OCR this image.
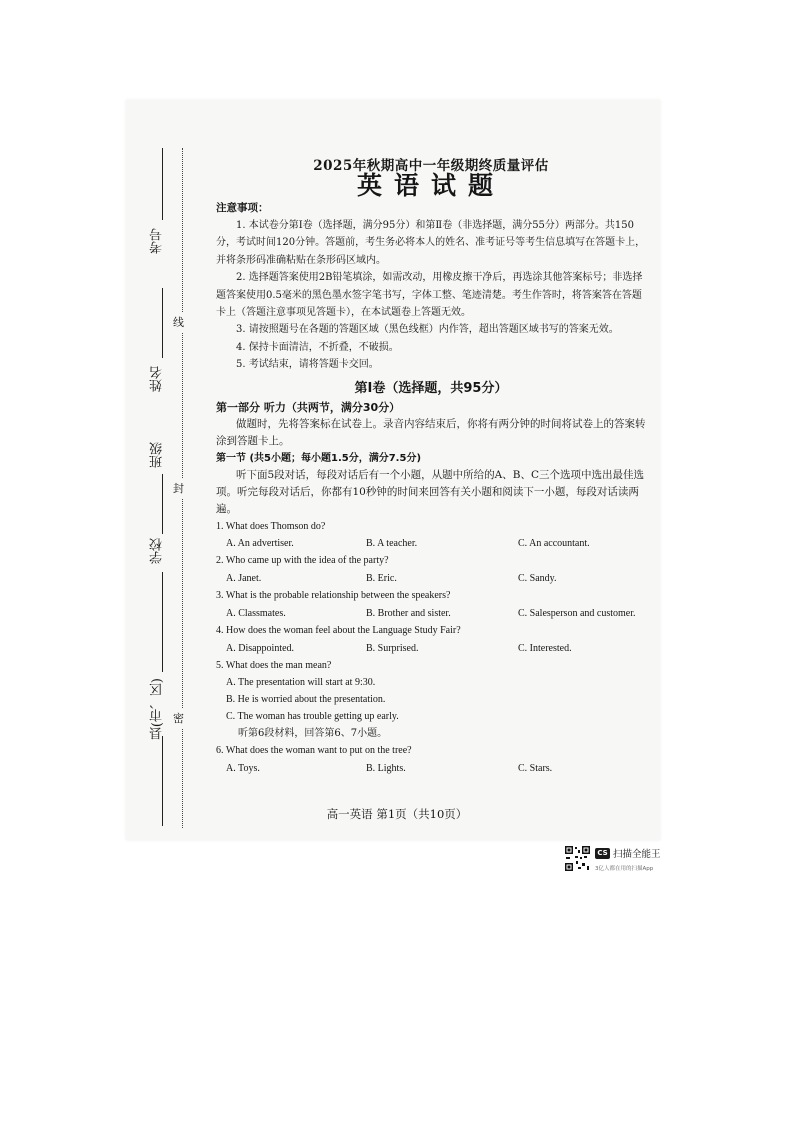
线
封
密
考号
姓名
班级
学校
县(市、区)

2025年秋期高中一年级期终质量评估

英语试题

注意事项：

1. 本试卷分第Ⅰ卷（选择题，满分95分）和第Ⅱ卷（非选择题，满分55分）两部分。共150分，考试时间120分钟。答题前，考生务必将本人的姓名、准考证号等考生信息填写在答题卡上，并将条形码准确粘贴在条形码区域内。

2. 选择题答案使用2B铅笔填涂，如需改动，用橡皮擦干净后，再选涂其他答案标号；非选择题答案使用0.5毫米的黑色墨水签字笔书写，字体工整、笔迹清楚。考生作答时，将答案答在答题卡上（答题注意事项见答题卡），在本试题卷上答题无效。

3. 请按照题号在各题的答题区域（黑色线框）内作答，超出答题区域书写的答案无效。

4. 保持卡面清洁，不折叠，不破损。

5. 考试结束，请将答题卡交回。

第Ⅰ卷（选择题，共95分）
第一部分 听力（共两节，满分30分）

做题时，先将答案标在试卷上。录音内容结束后，你将有两分钟的时间将试卷上的答案转涂到答题卡上。

第一节 (共5小题；每小题1.5分，满分7.5分)

听下面5段对话，每段对话后有一个小题，从题中所给的A、B、C三个选项中选出最佳选项。听完每段对话后，你都有10秒钟的时间来回答有关小题和阅读下一小题，每段对话读两遍。

1. What does Thomson do?

A. An advertiser.	B. A teacher.	C. An accountant.

2. Who came up with the idea of the party?

A. Janet.	B. Eric.	C. Sandy.

3. What is the probable relationship between the speakers?

A. Classmates.	B. Brother and sister.	C. Salesperson and customer.

4. How does the woman feel about the Language Study Fair?

A. Disappointed.	B. Surprised.	C. Interested.

5. What does the man mean?

A. The presentation will start at 9:30.

B. He is worried about the presentation.

C. The woman has trouble getting up early.

听第6段材料，回答第6、7小题。

6. What does the woman want to put on the tree?

A. Toys.	B. Lights.	C. Stars.
高一英语 第1页（共10页）
CS 扫描全能王
3亿人都在用的扫描App
